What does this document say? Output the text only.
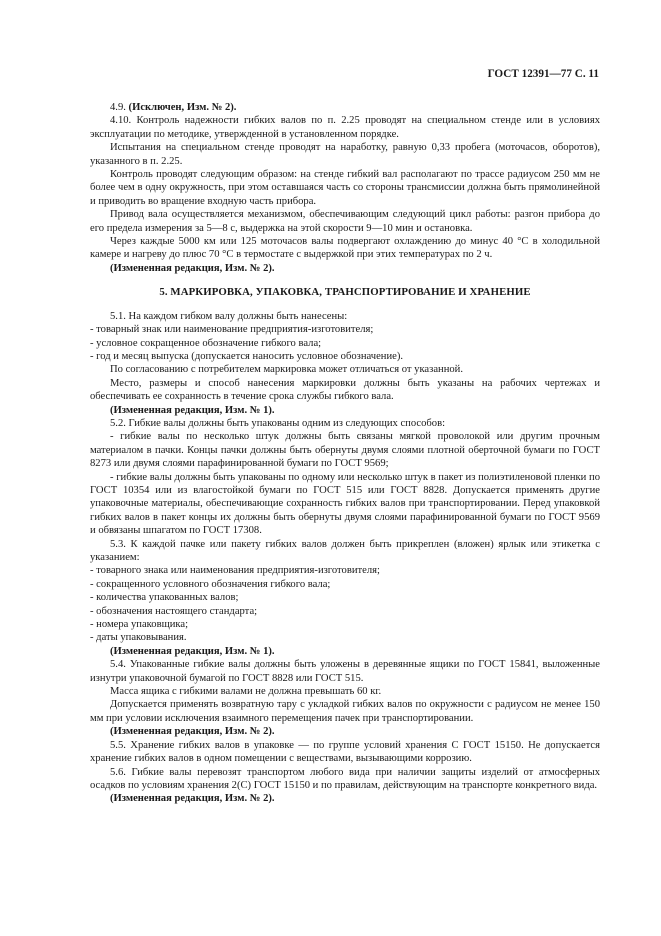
ГОСТ 12391—77 С. 11

4.9. (Исключен, Изм. № 2).

4.10. Контроль надежности гибких валов по п. 2.25 проводят на специальном стенде или в условиях эксплуатации по методике, утвержденной в установленном порядке.

Испытания на специальном стенде проводят на наработку, равную 0,33 пробега (моточасов, оборотов), указанного в п. 2.25.

Контроль проводят следующим образом: на стенде гибкий вал располагают по трассе радиусом 250 мм не более чем в одну окружность, при этом оставшаяся часть со стороны трансмиссии должна быть прямолинейной и приводить во вращение входную часть прибора.

Привод вала осуществляется механизмом, обеспечивающим следующий цикл работы: разгон прибора до его предела измерения за 5—8 с, выдержка на этой скорости 9—10 мин и остановка.

Через каждые 5000 км или 125 моточасов валы подвергают охлаждению до минус 40 °С в холодильной камере и нагреву до плюс 70 °С в термостате с выдержкой при этих температурах по 2 ч.

(Измененная редакция, Изм. № 2).

5. МАРКИРОВКА, УПАКОВКА, ТРАНСПОРТИРОВАНИЕ И ХРАНЕНИЕ

5.1. На каждом гибком валу должны быть нанесены:

- товарный знак или наименование предприятия-изготовителя;

- условное сокращенное обозначение гибкого вала;

- год и месяц выпуска (допускается наносить условное обозначение).

По согласованию с потребителем маркировка может отличаться от указанной.

Место, размеры и способ нанесения маркировки должны быть указаны на рабочих чертежах и обеспечивать ее сохранность в течение срока службы гибкого вала.

(Измененная редакция, Изм. № 1).

5.2. Гибкие валы должны быть упакованы одним из следующих способов:

- гибкие валы по несколько штук должны быть связаны мягкой проволокой или другим прочным материалом в пачки. Концы пачки должны быть обернуты двумя слоями плотной оберточной бумаги по ГОСТ 8273 или двумя слоями парафинированной бумаги по ГОСТ 9569;

- гибкие валы должны быть упакованы по одному или несколько штук в пакет из полиэтиленовой пленки по ГОСТ 10354 или из влагостойкой бумаги по ГОСТ 515 или ГОСТ 8828. Допускается применять другие упаковочные материалы, обеспечивающие сохранность гибких валов при транспортировании. Перед упаковкой гибких валов в пакет концы их должны быть обернуты двумя слоями парафинированной бумаги по ГОСТ 9569 и обвязаны шпагатом по ГОСТ 17308.

5.3. К каждой пачке или пакету гибких валов должен быть прикреплен (вложен) ярлык или этикетка с указанием:

- товарного знака или наименования предприятия-изготовителя;

- сокращенного условного обозначения гибкого вала;

- количества упакованных валов;

- обозначения настоящего стандарта;

- номера упаковщика;

- даты упаковывания.

(Измененная редакция, Изм. № 1).

5.4. Упакованные гибкие валы должны быть уложены в деревянные ящики по ГОСТ 15841, выложенные изнутри упаковочной бумагой по ГОСТ 8828 или ГОСТ 515.

Масса ящика с гибкими валами не должна превышать 60 кг.

Допускается применять возвратную тару с укладкой гибких валов по окружности с радиусом не менее 150 мм при условии исключения взаимного перемещения пачек при транспортировании.

(Измененная редакция, Изм. № 2).

5.5. Хранение гибких валов в упаковке — по группе условий хранения С ГОСТ 15150. Не допускается хранение гибких валов в одном помещении с веществами, вызывающими коррозию.

5.6. Гибкие валы перевозят транспортом любого вида при наличии защиты изделий от атмосферных осадков по условиям хранения 2(С) ГОСТ 15150 и по правилам, действующим на транспорте конкретного вида.

(Измененная редакция, Изм. № 2).
